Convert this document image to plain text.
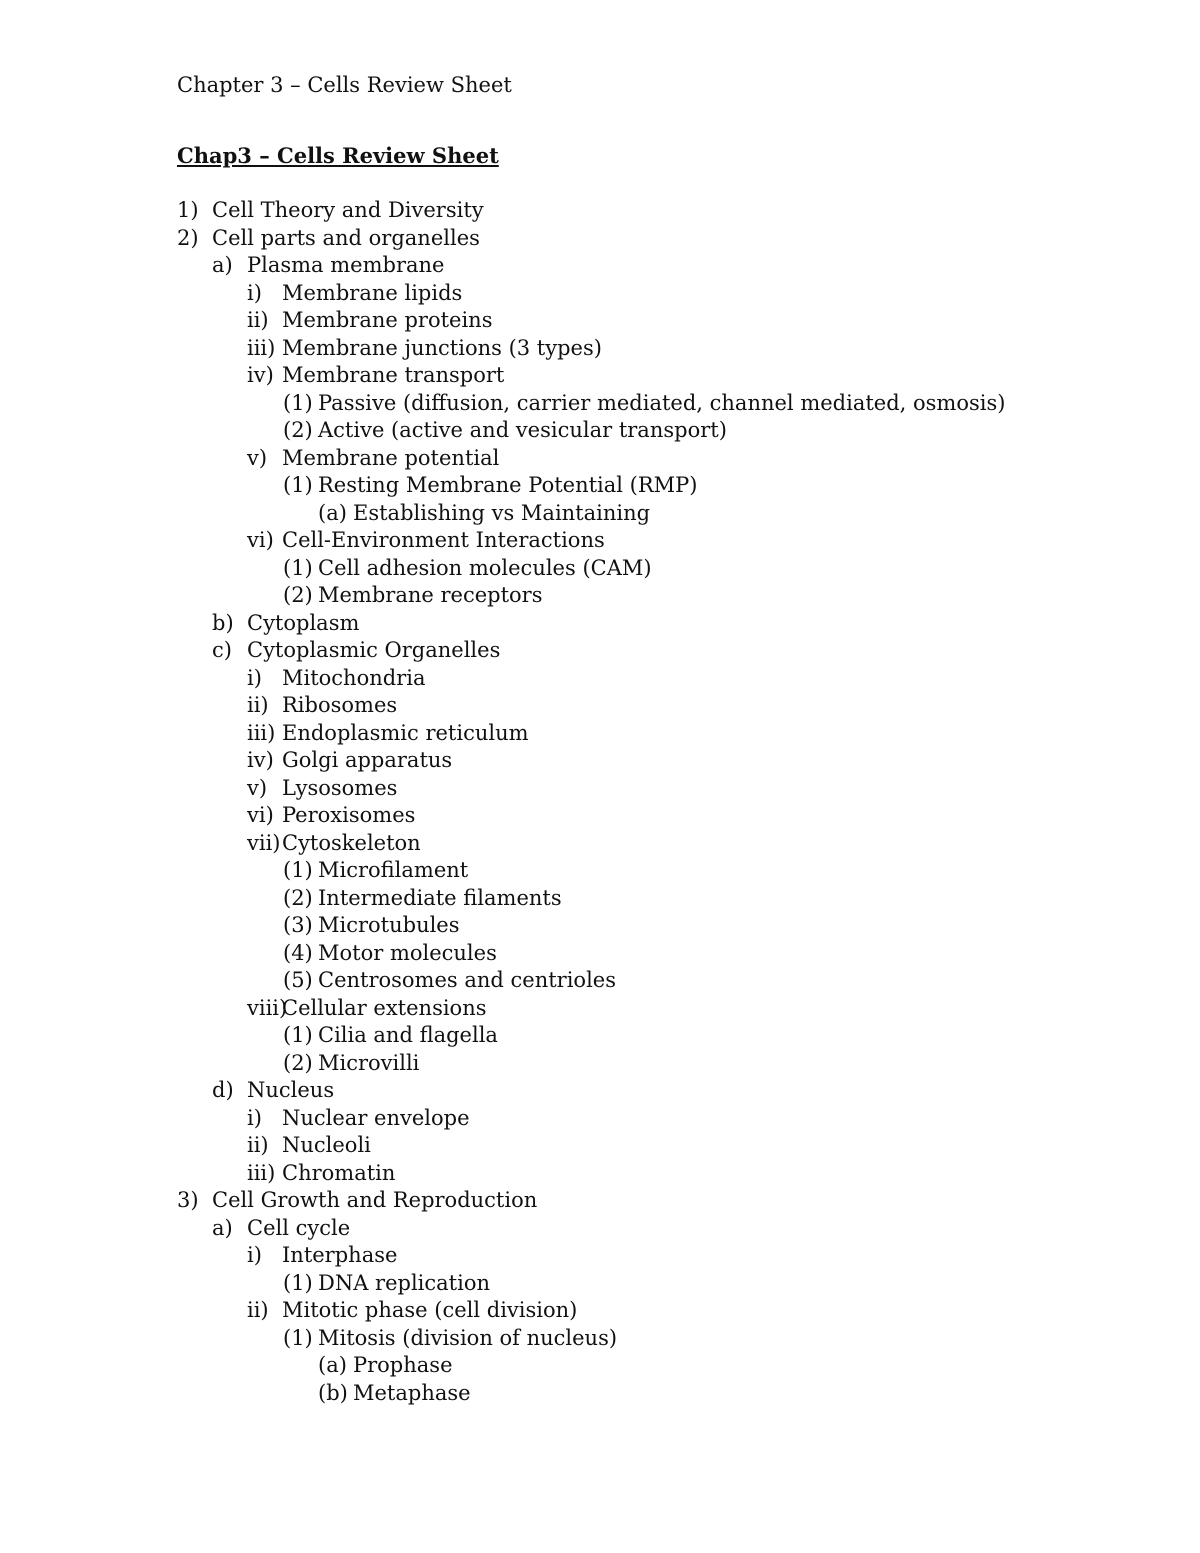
Chapter 3 – Cells Review Sheet
Chap3 – Cells Review Sheet
1) Cell Theory and Diversity
2) Cell parts and organelles
a) Plasma membrane
i) Membrane lipids
ii) Membrane proteins
iii) Membrane junctions (3 types)
iv) Membrane transport
(1) Passive (diffusion, carrier mediated, channel mediated, osmosis)
(2) Active (active and vesicular transport)
v) Membrane potential
(1) Resting Membrane Potential (RMP)
(a) Establishing vs Maintaining
vi) Cell-Environment Interactions
(1) Cell adhesion molecules (CAM)
(2) Membrane receptors
b) Cytoplasm
c) Cytoplasmic Organelles
i) Mitochondria
ii) Ribosomes
iii) Endoplasmic reticulum
iv) Golgi apparatus
v) Lysosomes
vi) Peroxisomes
vii) Cytoskeleton
(1) Microfilament
(2) Intermediate filaments
(3) Microtubules
(4) Motor molecules
(5) Centrosomes and centrioles
viii)
Cellular extensions
(1) Cilia and flagella
(2) Microvilli
d) Nucleus
i) Nuclear envelope
ii) Nucleoli
iii) Chromatin
3) Cell Growth and Reproduction
a) Cell cycle
i) Interphase
(1) DNA replication
ii) Mitotic phase (cell division)
(1) Mitosis (division of nucleus)
(a) Prophase
(b) Metaphase
